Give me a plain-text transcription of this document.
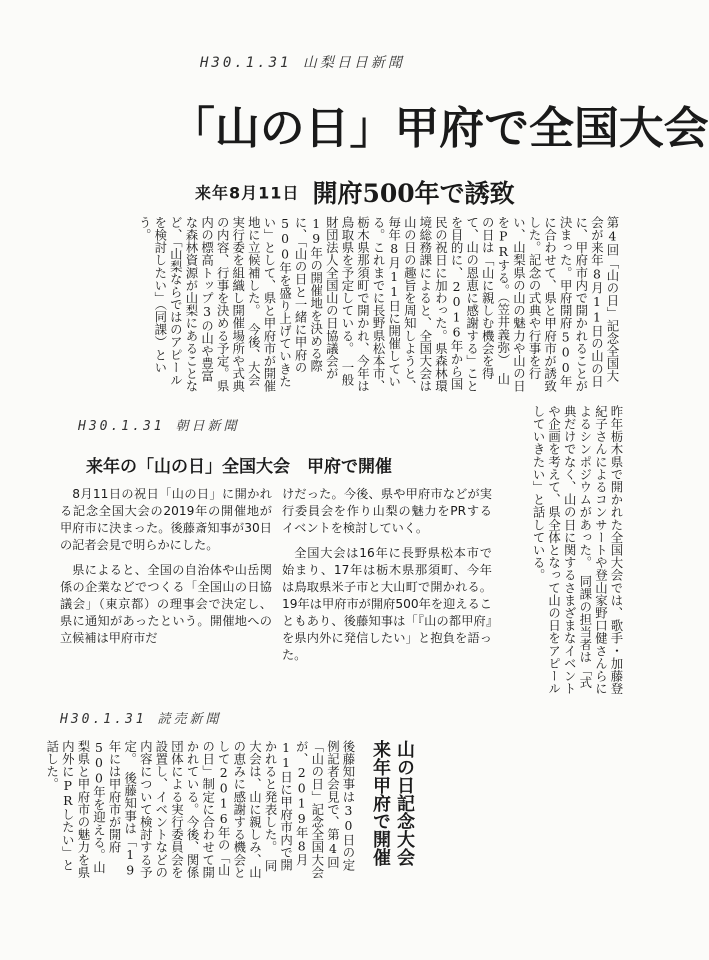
H30.1.31 山梨日日新聞
「山の日」甲府で全国大会
来年8月11日 開府500年で誘致
第4回「山の日」記念全国大会が来年8月11日の山の日に、甲府市内で開かれることが決まった。甲府開府500年に合わせて、県と甲府市が誘致した。記念の式典や行事を行い、山梨県の山の魅力や山の日をPRする。（笠井義弥）　山の日は「山に親しむ機会を得て、山の恩恵に感謝する」ことを目的に、2016年から国民の祝日に加わった。県森林環境総務課によると、全国大会は山の日の趣旨を周知しようと、毎年8月11日に開催している。これまでに長野県松本市、栃木県那須町で開かれ、今年は鳥取県を予定している。　一般財団法人全国山の日協議会が19年の開催地を決める際に、「山の日と一緒に甲府の500年を盛り上げていきたい」として、県と甲府市が開催地に立候補した。　今後、大会実行委を組織し開催場所や式典の内容、行事を決める予定。県内の標高トップ3の山や豊富な森林資源が山梨にあることなど、「山梨ならではのアピールを検討したい」（同課）という。
昨年栃木県で開かれた全国大会では、歌手・加藤登紀子さんによるコンサートや登山家野口健さんらによるシンポジウムがあった。　同課の担当者は「式典だけでなく、山の日に関するさまざまなイベントや企画を考えて、県全体となって山の日をアピールしていきたい」と話している。
H30.1.31 朝日新聞
来年の「山の日」全国大会　甲府で開催

8月11日の祝日「山の日」に開かれる記念全国大会の2019年の開催地が甲府市に決まった。後藤斎知事が30日の記者会見で明らかにした。

県によると、全国の自治体や山岳関係の企業などでつくる「全国山の日協議会」（東京都）の理事会で決定し、県に通知があったという。開催地への立候補は甲府市だ

けだった。今後、県や甲府市などが実行委員会を作り山梨の魅力をPRするイベントを検討していく。

全国大会は16年に長野県松本市で始まり、17年は栃木県那須町、今年は鳥取県米子市と大山町で開かれる。19年は甲府市が開府500年を迎えることもあり、後藤知事は「『山の都甲府』を県内外に発信したい」と抱負を語った。

H30.1.31 読売新聞
山の日記念大会
来年甲府で開催
後藤知事は30日の定例記者会見で、第4回「山の日」記念全国大会が、2019年8月11日に甲府市内で開かれると発表した。　同大会は、山に親しみ、山の恵みに感謝する機会として2016年の「山の日」制定に合わせて開かれている。今後、関係団体による実行委員会を設置し、イベントなどの内容について検討する予定。　後藤知事は「19年には甲府市が開府500年を迎える。山梨県と甲府市の魅力を県内外にPRしたい」と話した。
